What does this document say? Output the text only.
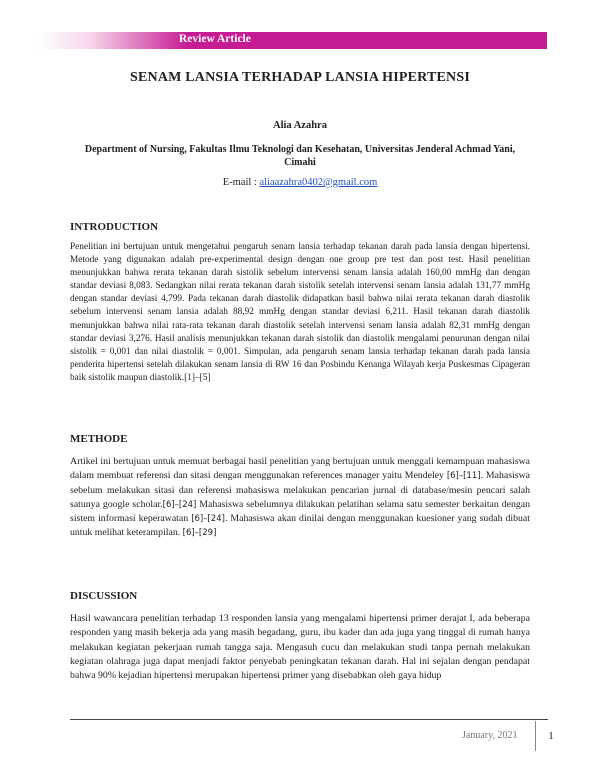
Review Article
SENAM LANSIA TERHADAP LANSIA HIPERTENSI
Alia Azahra
Department of Nursing, Fakultas Ilmu Teknologi dan Kesehatan, Universitas Jenderal Achmad Yani, Cimahi
E-mail : aliaazahra0402@gmail.com
INTRODUCTION

Penelitian ini bertujuan untuk mengetahui pengaruh senam lansia terhadap tekanan darah pada lansia dengan hipertensi. Metode yang digunakan adalah pre-experimental design dengan one group pre test dan post test. Hasil penelitian menunjukkan bahwa rerata tekanan darah sistolik sebelum intervensi senam lansia adalah 160,00 mmHg dan dengan standar deviasi 8,083. Sedangkan nilai rerata tekanan darah sistolik setelah intervensi senam lansia adalah 131,77 mmHg dengan standar deviasi 4,799. Pada tekanan darah diastolik didapatkan hasil bahwa nilai rerata tekanan darah diastolik sebelum intervensi senam lansia adalah 88,92 mmHg dengan standar deviasi 6,211. Hasil tekanan darah diastolik menunjukkan bahwa nilai rata-rata tekanan darah diastolik setelah intervensi senam lansia adalah 82,31 mmHg dengan standar deviasi 3,276. Hasil analisis menunjukkan tekanan darah sistolik dan diastolik mengalami penurunan dengan nilai sistolik = 0,001 dan nilai diastolik = 0,001. Simpulan, ada pengaruh senam lansia terhadap tekanan darah pada lansia penderita hipertensi setelah dilakukan senam lansia di RW 16 dan Posbindu Kenanga Wilayah kerja Puskesmas Cipageran baik sistolik maupun diastolik.[1]–[5]

METHODE

Artikel ini bertujuan untuk memuat berbagai hasil penelitian yang bertujuan untuk menggali kemampuan mahasiswa dalam membuat referensi dan sitasi dengan menggunakan references manager yaitu Mendeley [6]–[11]. Mahasiswa sebelum melakukan sitasi dan referensi mahasiswa melakukan pencarian jurnal di database/mesin pencari salah satunya google scholar.[6]–[24] Mahasiswa sebelumnya dilakukan pelatihan selama satu semester berkaitan dengan sistem informasi keperawatan [6]–[24]. Mahasiswa akan dinilai dengan menggunakan kuesioner yang sudah dibuat untuk melihat keterampilan. [6]–[29]

DISCUSSION

Hasil wawancara penelitian terhadap 13 responden lansia yang mengalami hipertensi primer derajat I, ada beberapa responden yang masih bekerja ada yang masih begadang, guru, ibu kader dan ada juga yang tinggal di rumah hanya melakukan kegiatan pekerjaan rumah tangga saja. Mengasuh cucu dan melakukan studi tanpa pernah melakukan kegiatan olahraga juga dapat menjadi faktor penyebab peningkatan tekanan darah. Hal ini sejalan dengan pendapat bahwa 90% kejadian hipertensi merupakan hipertensi primer yang disebabkan oleh gaya hidup

January, 2021	1
